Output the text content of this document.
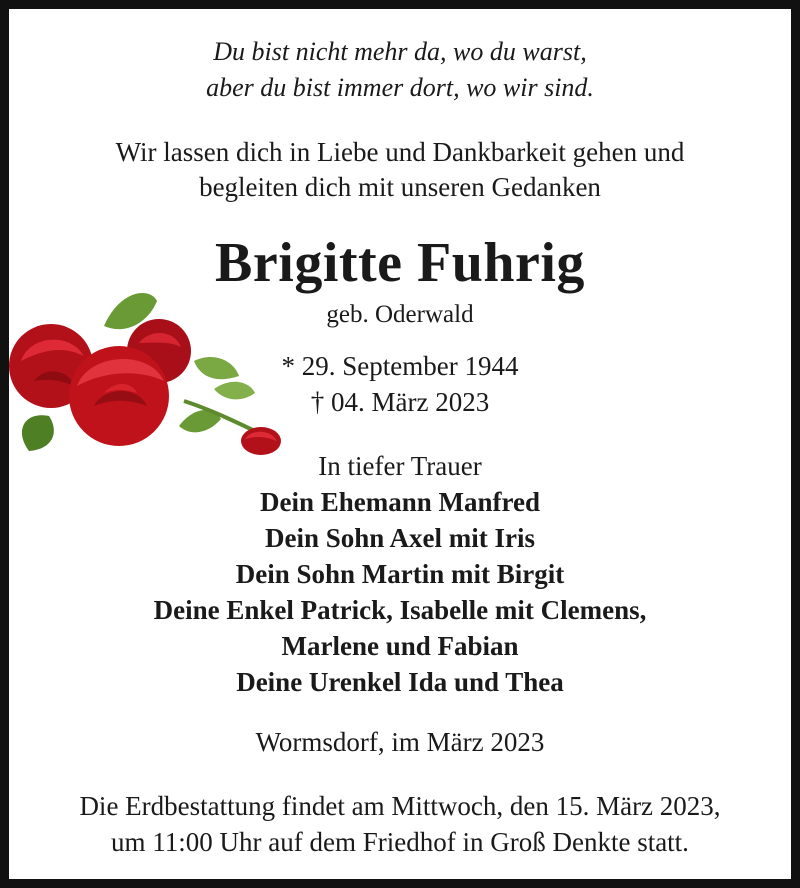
Du bist nicht mehr da, wo du warst,
aber du bist immer dort, wo wir sind.
Wir lassen dich in Liebe und Dankbarkeit gehen und
begleiten dich mit unseren Gedanken
Brigitte Fuhrig
geb. Oderwald
* 29. September 1944
† 04. März 2023
In tiefer Trauer
Dein Ehemann Manfred
Dein Sohn Axel mit Iris
Dein Sohn Martin mit Birgit
Deine Enkel Patrick, Isabelle mit Clemens,
Marlene und Fabian
Deine Urenkel Ida und Thea
Wormsdorf, im März 2023
Die Erdbestattung findet am Mittwoch, den 15. März 2023,
um 11:00 Uhr auf dem Friedhof in Groß Denkte statt.
